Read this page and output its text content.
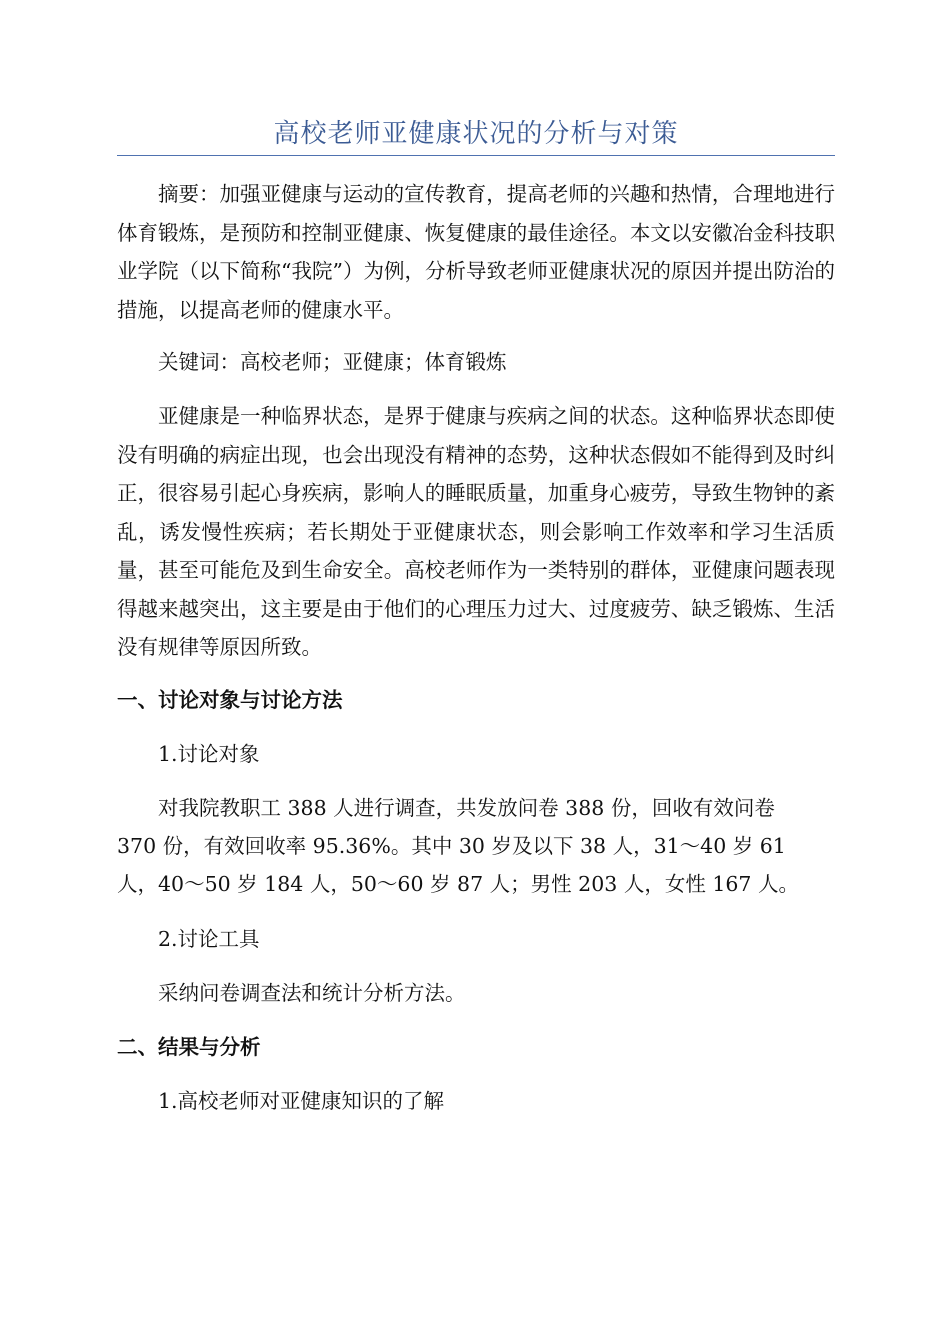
高校老师亚健康状况的分析与对策

摘要：加强亚健康与运动的宣传教育，提高老师的兴趣和热情，合理地进行体育锻炼，是预防和控制亚健康、恢复健康的最佳途径。本文以安徽冶金科技职业学院（以下简称“我院”）为例，分析导致老师亚健康状况的原因并提出防治的措施，以提高老师的健康水平。

关键词：高校老师；亚健康；体育锻炼

亚健康是一种临界状态，是界于健康与疾病之间的状态。这种临界状态即使没有明确的病症出现，也会出现没有精神的态势，这种状态假如不能得到及时纠正，很容易引起心身疾病，影响人的睡眠质量，加重身心疲劳，导致生物钟的紊乱，诱发慢性疾病；若长期处于亚健康状态，则会影响工作效率和学习生活质量，甚至可能危及到生命安全。高校老师作为一类特别的群体，亚健康问题表现得越来越突出，这主要是由于他们的心理压力过大、过度疲劳、缺乏锻炼、生活没有规律等原因所致。

一、讨论对象与讨论方法

1.讨论对象

对我院教职工 388 人进行调查，共发放问卷 388 份，回收有效问卷
370 份，有效回收率 95.36%。其中 30 岁及以下 38 人，31～40 岁 61
人，40～50 岁 184 人，50～60 岁 87 人；男性 203 人，女性 167 人。

2.讨论工具

采纳问卷调查法和统计分析方法。

二、结果与分析

1.高校老师对亚健康知识的了解
